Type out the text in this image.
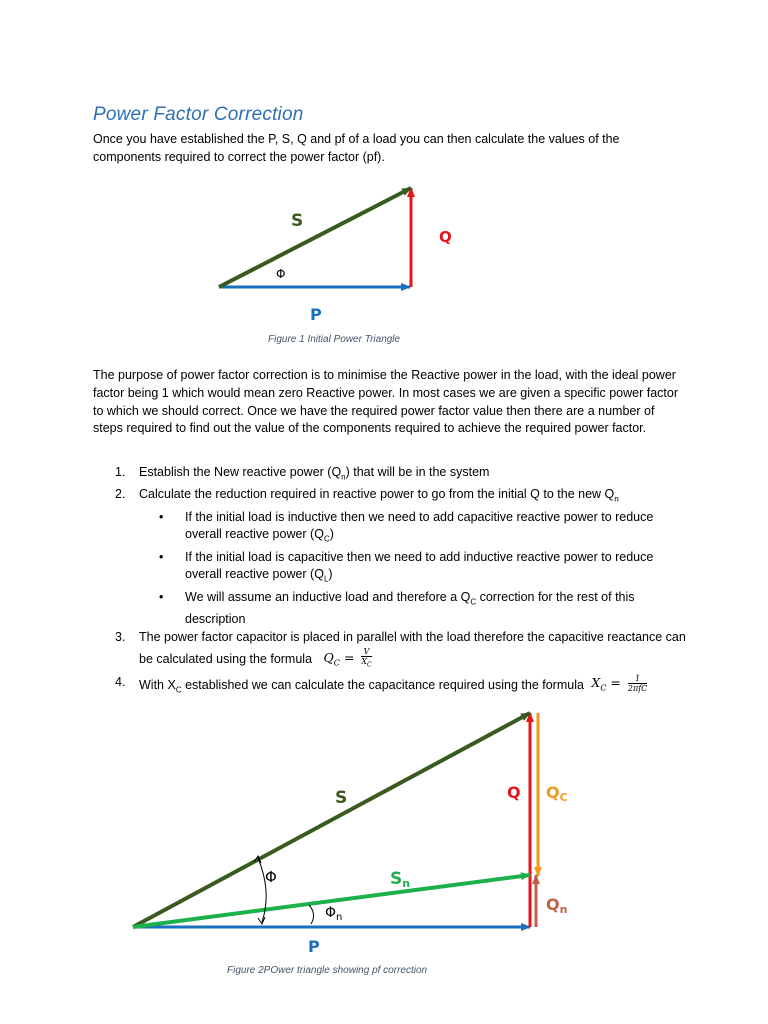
Power Factor Correction

Once you have established the P, S, Q and pf of a load you can then calculate the values of the components required to correct the power factor (pf).

S
Q
Φ
P
S	Q QC
Sn
Qn
Φ
$\Phi_n$
P

Figure 1 Initial Power Triangle

The purpose of power factor correction is to minimise the Reactive power in the load, with the ideal power factor being 1 which would mean zero Reactive power. In most cases we are given a specific power factor to which we should correct. Once we have the required power factor value then there are a number of steps required to find out the value of the components required to achieve the required power factor.

1. Establish the New reactive power $(Q_n)$ that will be in the system
2. Calculate the reduction required in reactive power to go from the initial Q to the new $Q_n$
• If the initial load is inductive then we need to add capacitive reactive power to reduce overall reactive power $(Q_C)$
• If the initial load is capacitive then we need to add inductive reactive power to reduce overall reactive power $(Q_L)$
• We will assume an inductive load and therefore a $Q_C$ correction for the rest of this description
3. The power factor capacitor is placed in parallel with the load therefore the capacitive reactance can be calculated using the formula $Q_C = \frac{V}{X_C}$
4. With $X_C$ established we can calculate the capacitance required using the formula $X_C = \frac{1}{\text{2πfC}}$

Figure 2POwer triangle showing pf correction
